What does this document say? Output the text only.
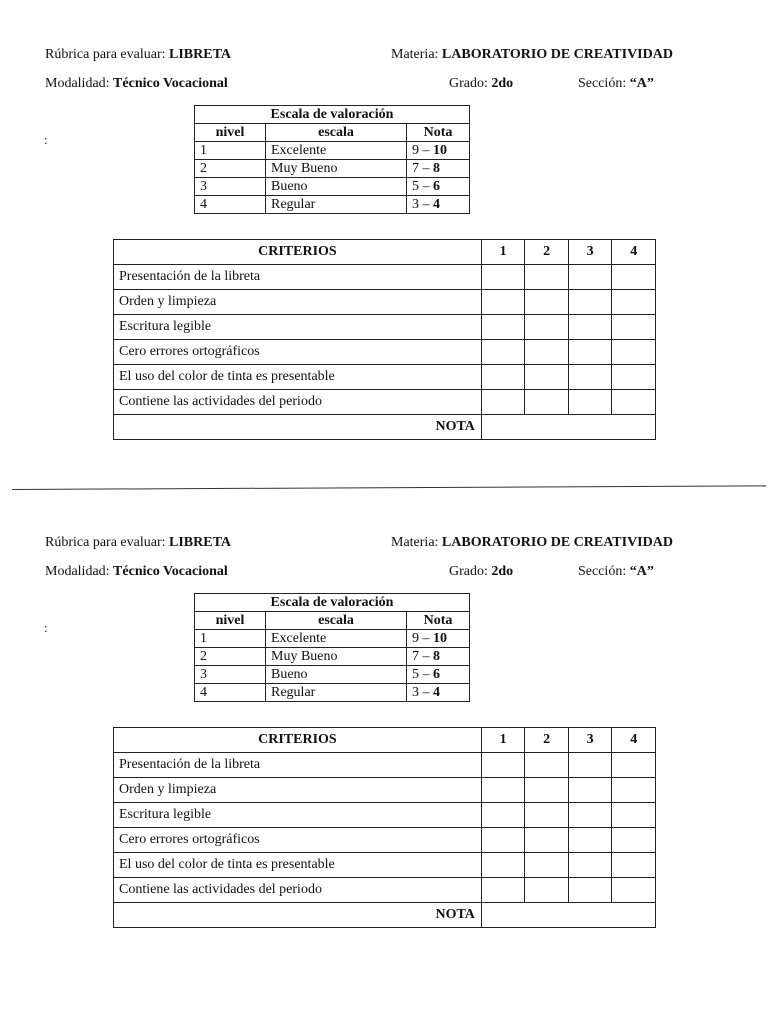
Rúbrica para evaluar: LIBRETA	Materia: LABORATORIO DE CREATIVIDAD
Modalidad: Técnico Vocacional	Grado: 2do	Sección: “A”
:
Escala de valoración		
nivel	escala	Nota
1	Excelente	9 – 10
2	Muy Bueno	7 – 8
3	Bueno	5 – 6
4	Regular	3 – 4
CRITERIOS	1	2	3	4
Presentación de la libreta				
Orden y limpieza				
Escritura legible				
Cero errores ortográficos				
El uso del color de tinta es presentable				
Contiene las actividades del periodo				
NOTA				
Rúbrica para evaluar: LIBRETA	Materia: LABORATORIO DE CREATIVIDAD
Modalidad: Técnico Vocacional	Grado: 2do	Sección: “A”
:
Escala de valoración		
nivel	escala	Nota
1	Excelente	9 – 10
2	Muy Bueno	7 – 8
3	Bueno	5 – 6
4	Regular	3 – 4
CRITERIOS	1	2	3	4
Presentación de la libreta				
Orden y limpieza				
Escritura legible				
Cero errores ortográficos				
El uso del color de tinta es presentable				
Contiene las actividades del periodo				
NOTA				
